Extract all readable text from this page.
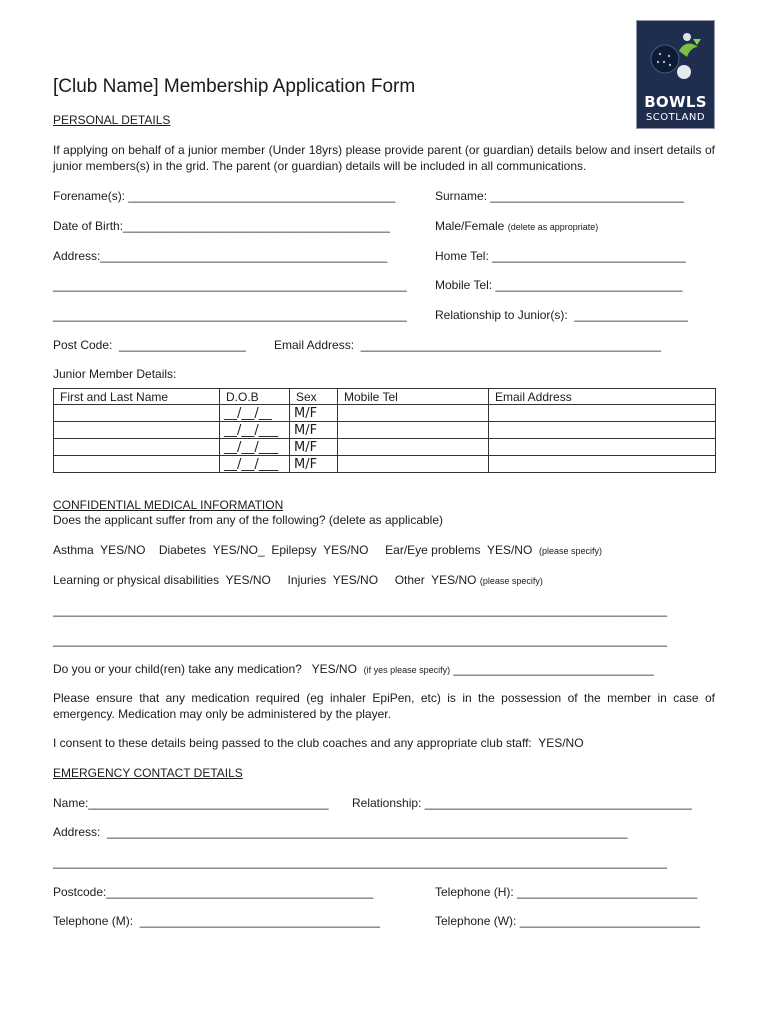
BOWLS
SCOTLAND
[Club Name] Membership Application Form
PERSONAL DETAILS
If applying on behalf of a junior member (Under 18yrs) please provide parent (or guardian) details below and insert details of junior members(s) in the grid. The parent (or guardian) details will be included in all communications.
Forename(s): ________________________________________	Surname: _____________________________
Date of Birth:________________________________________	Male/Female (delete as appropriate)
Address:___________________________________________	Home Tel: _____________________________
_____________________________________________________ Mobile Tel: ____________________________
_____________________________________________________ Relationship to Junior(s):  _________________
Post Code:  ___________________ Email Address:  _____________________________________________
Junior Member Details:
First and Last Name	D.O.B	Sex	Mobile Tel	Email Address
	__/__/__	M/F		
	__/__/___	M/F		
	__/__/___	M/F		
	__/__/___	M/F		
CONFIDENTIAL MEDICAL INFORMATION
Does the applicant suffer from any of the following? (delete as applicable)
Asthma  YES/NO    Diabetes  YES/NO_  Epilepsy  YES/NO     Ear/Eye problems  YES/NO (please specify)
Learning or physical disabilities  YES/NO     Injuries  YES/NO     Other  YES/NO (please specify)
____________________________________________________________________________________________
____________________________________________________________________________________________
Do you or your child(ren) take any medication?   YES/NO (if yes please specify) ______________________________
Please ensure that any medication required (eg inhaler EpiPen, etc) is in the possession of the member in case of emergency. Medication may only be administered by the player.
I consent to these details being passed to the club coaches and any appropriate club staff:  YES/NO
EMERGENCY CONTACT DETAILS
Name:____________________________________ Relationship: ________________________________________
Address:  ______________________________________________________________________________
____________________________________________________________________________________________
Postcode:________________________________________	Telephone (H): ___________________________
Telephone (M):  ____________________________________	Telephone (W): ___________________________
